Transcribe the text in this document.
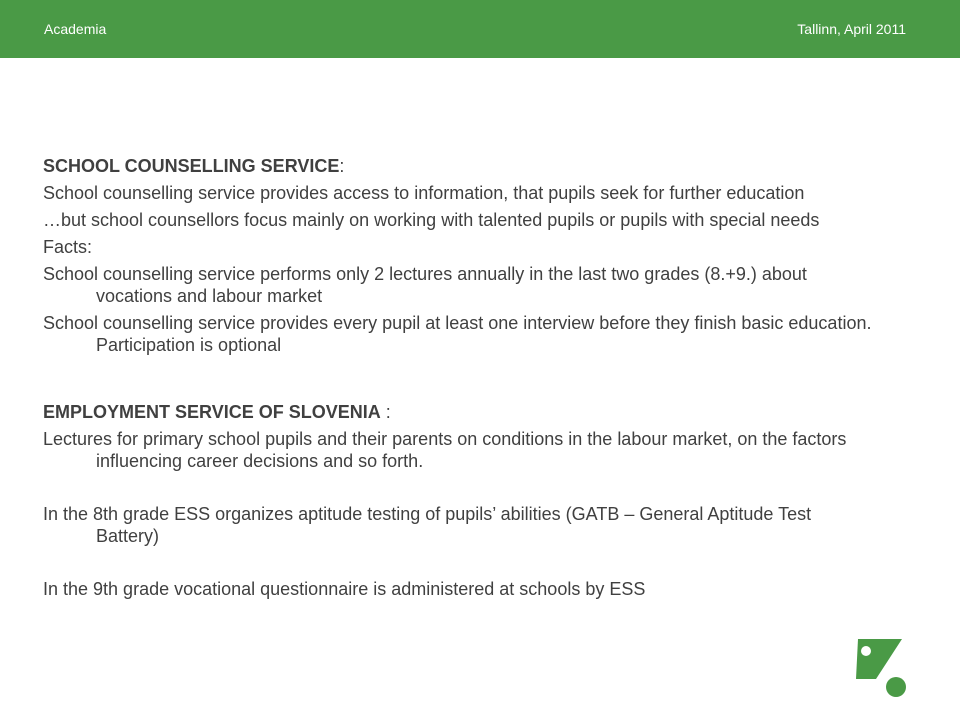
Academia	Tallinn, April 2011
SCHOOL COUNSELLING SERVICE:

School counselling service provides access to information, that pupils seek for further education

…but school counsellors focus mainly on working with talented pupils or pupils with special needs

Facts:

School counselling service performs only 2 lectures annually in the last two grades (8.+9.) about vocations and labour market

School counselling service provides every pupil at least one interview before they finish basic education. Participation is optional

EMPLOYMENT SERVICE OF SLOVENIA :

Lectures for primary school pupils and their parents on conditions in the labour market, on the factors influencing career decisions and so forth.

In the 8th grade ESS organizes aptitude testing of pupils’ abilities (GATB – General Aptitude Test Battery)

In the 9th grade vocational questionnaire is administered at schools by ESS
